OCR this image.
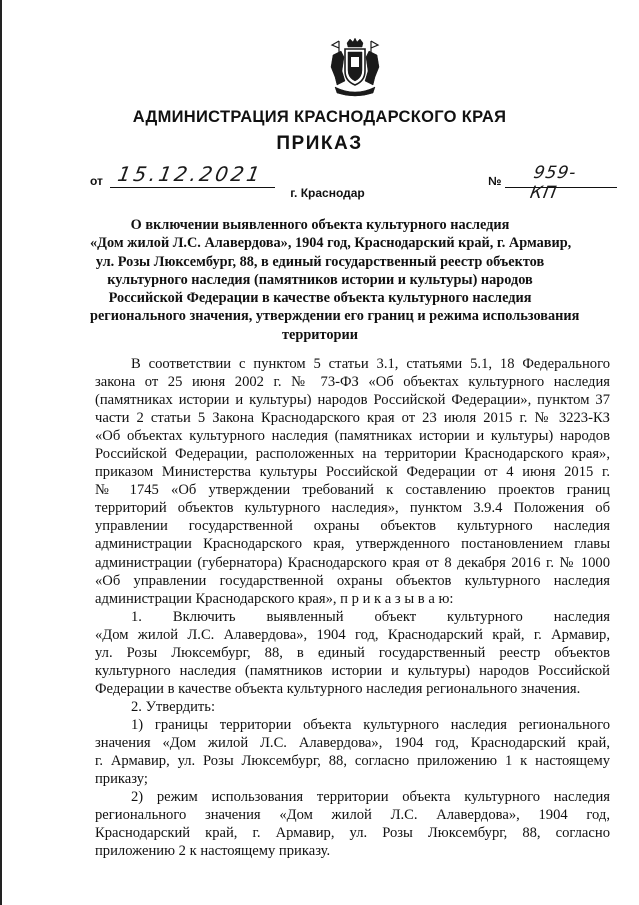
АДМИНИСТРАЦИЯ КРАСНОДАРСКОГО КРАЯ
ПРИКАЗ
от 15.12.2021	№ 959-КП
г. Краснодар
О включении выявленного объекта культурного наследия
«Дом жилой Л.С. Алавердова», 1904 год, Краснодарский край, г. Армавир,
ул. Розы Люксембург, 88, в единый государственный реестр объектов
культурного наследия (памятников истории и культуры) народов
Российской Федерации в качестве объекта культурного наследия
регионального значения, утверждении его границ и режима использования
территории
В соответствии с пунктом 5 статьи 3.1, статьями 5.1, 18 Федерального
закона от 25 июня 2002 г. № 73-ФЗ «Об объектах культурного наследия
(памятниках истории и культуры) народов Российской Федерации», пунктом 37
части 2 статьи 5 Закона Краснодарского края от 23 июля 2015 г. № 3223-КЗ
«Об объектах культурного наследия (памятниках истории и культуры) народов
Российской Федерации, расположенных на территории Краснодарского края»,
приказом Министерства культуры Российской Федерации от 4 июня 2015 г.
№ 1745 «Об утверждении требований к составлению проектов границ
территорий объектов культурного наследия», пунктом 3.9.4 Положения об
управлении государственной охраны объектов культурного наследия
администрации Краснодарского края, утвержденного постановлением главы
администрации (губернатора) Краснодарского края от 8 декабря 2016 г. № 1000
«Об управлении государственной охраны объектов культурного наследия
администрации Краснодарского края», п р и к а з ы в а ю:
1. Включить выявленный объект культурного наследия
«Дом жилой Л.С. Алавердова», 1904 год, Краснодарский край, г. Армавир,
ул. Розы Люксембург, 88, в единый государственный реестр объектов
культурного наследия (памятников истории и культуры) народов Российской
Федерации в качестве объекта культурного наследия регионального значения.
2. Утвердить:
1) границы территории объекта культурного наследия регионального
значения «Дом жилой Л.С. Алавердова», 1904 год, Краснодарский край,
г. Армавир, ул. Розы Люксембург, 88, согласно приложению 1 к настоящему
приказу;
2) режим использования территории объекта культурного наследия
регионального значения «Дом жилой Л.С. Алавердова», 1904 год,
Краснодарский край, г. Армавир, ул. Розы Люксембург, 88, согласно
приложению 2 к настоящему приказу.
